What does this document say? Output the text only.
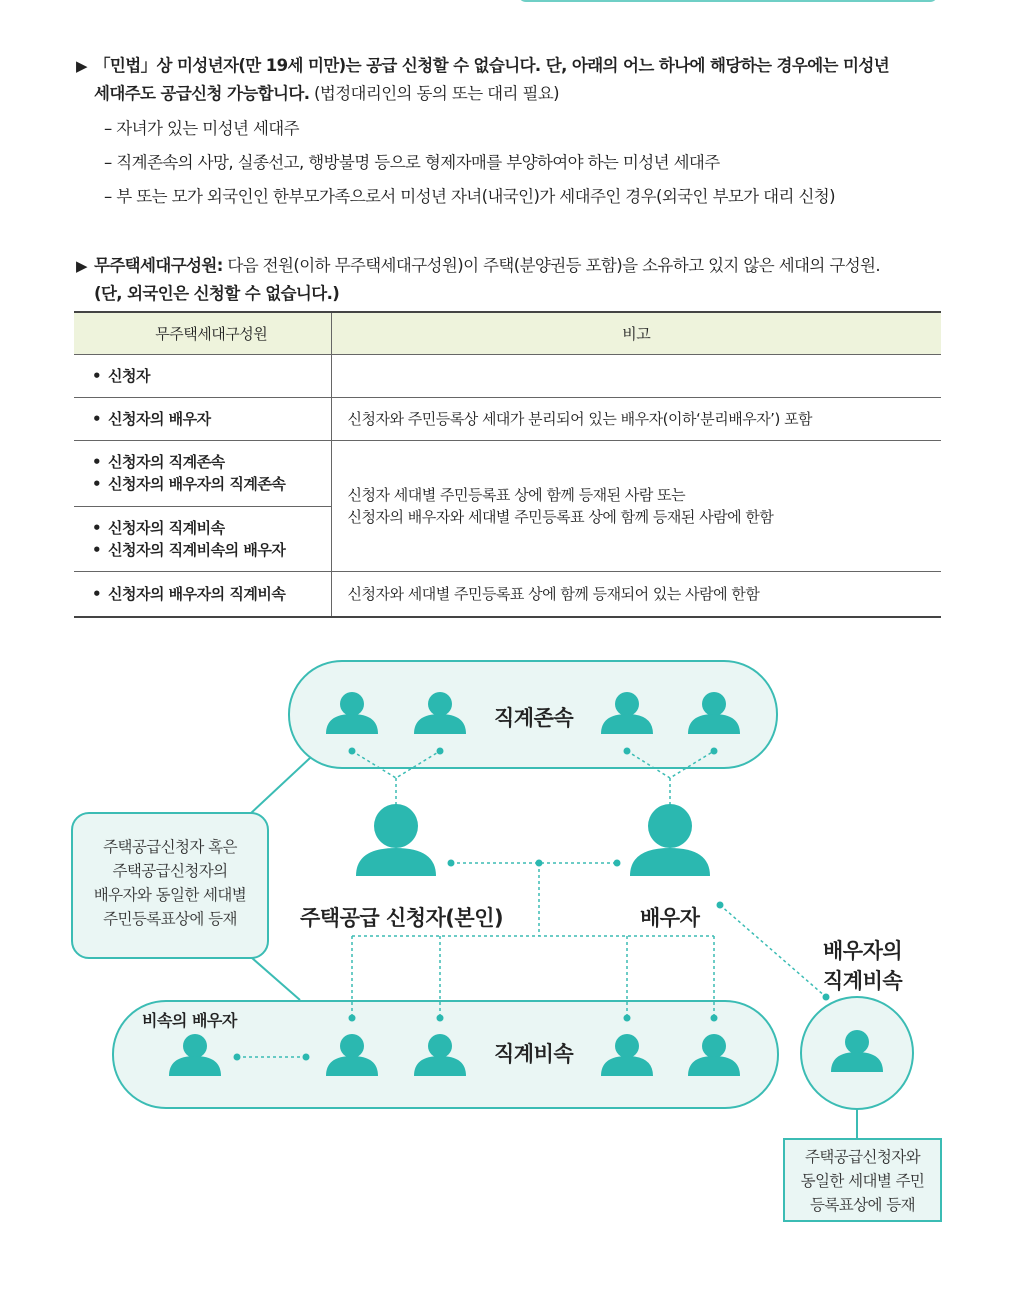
▶ 「민법」상 미성년자(만 19세 미만)는 공급 신청할 수 없습니다. 단, 아래의 어느 하나에 해당하는 경우에는 미성년
세대주도 공급신청 가능합니다. (법정대리인의 동의 또는 대리 필요)
– 자녀가 있는 미성년 세대주
– 직계존속의 사망, 실종선고, 행방불명 등으로 형제자매를 부양하여야 하는 미성년 세대주
– 부 또는 모가 외국인인 한부모가족으로서 미성년 자녀(내국인)가 세대주인 경우(외국인 부모가 대리 신청)
▶ 무주택세대구성원: 다음 전원(이하 무주택세대구성원)이 주택(분양권등 포함)을 소유하고 있지 않은 세대의 구성원.
(단, 외국인은 신청할 수 없습니다.)
무주택세대구성원	비고

• 신청자

• 신청자의 배우자	신청자와 주민등록상 세대가 분리되어 있는 배우자(이하‘분리배우자’) 포함

• 신청자의 직계존속
• 신청자의 배우자의 직계존속	신청자 세대별 주민등록표 상에 함께 등재된 사람 또는
신청자의 배우자와 세대별 주민등록표 상에 함께 등재된 사람에 한함

• 신청자의 직계비속
• 신청자의 직계비속의 배우자

• 신청자의 배우자의 직계비속	신청자와 세대별 주민등록표 상에 함께 등재되어 있는 사람에 한함
직계존속
주택공급 신청자(본인)	배우자
배우자의
직계비속
직계비속
비속의 배우자
주택공급신청자 혹은
주택공급신청자의
배우자와 동일한 세대별
주민등록표상에 등재
주택공급신청자와
동일한 세대별 주민
등록표상에 등재
